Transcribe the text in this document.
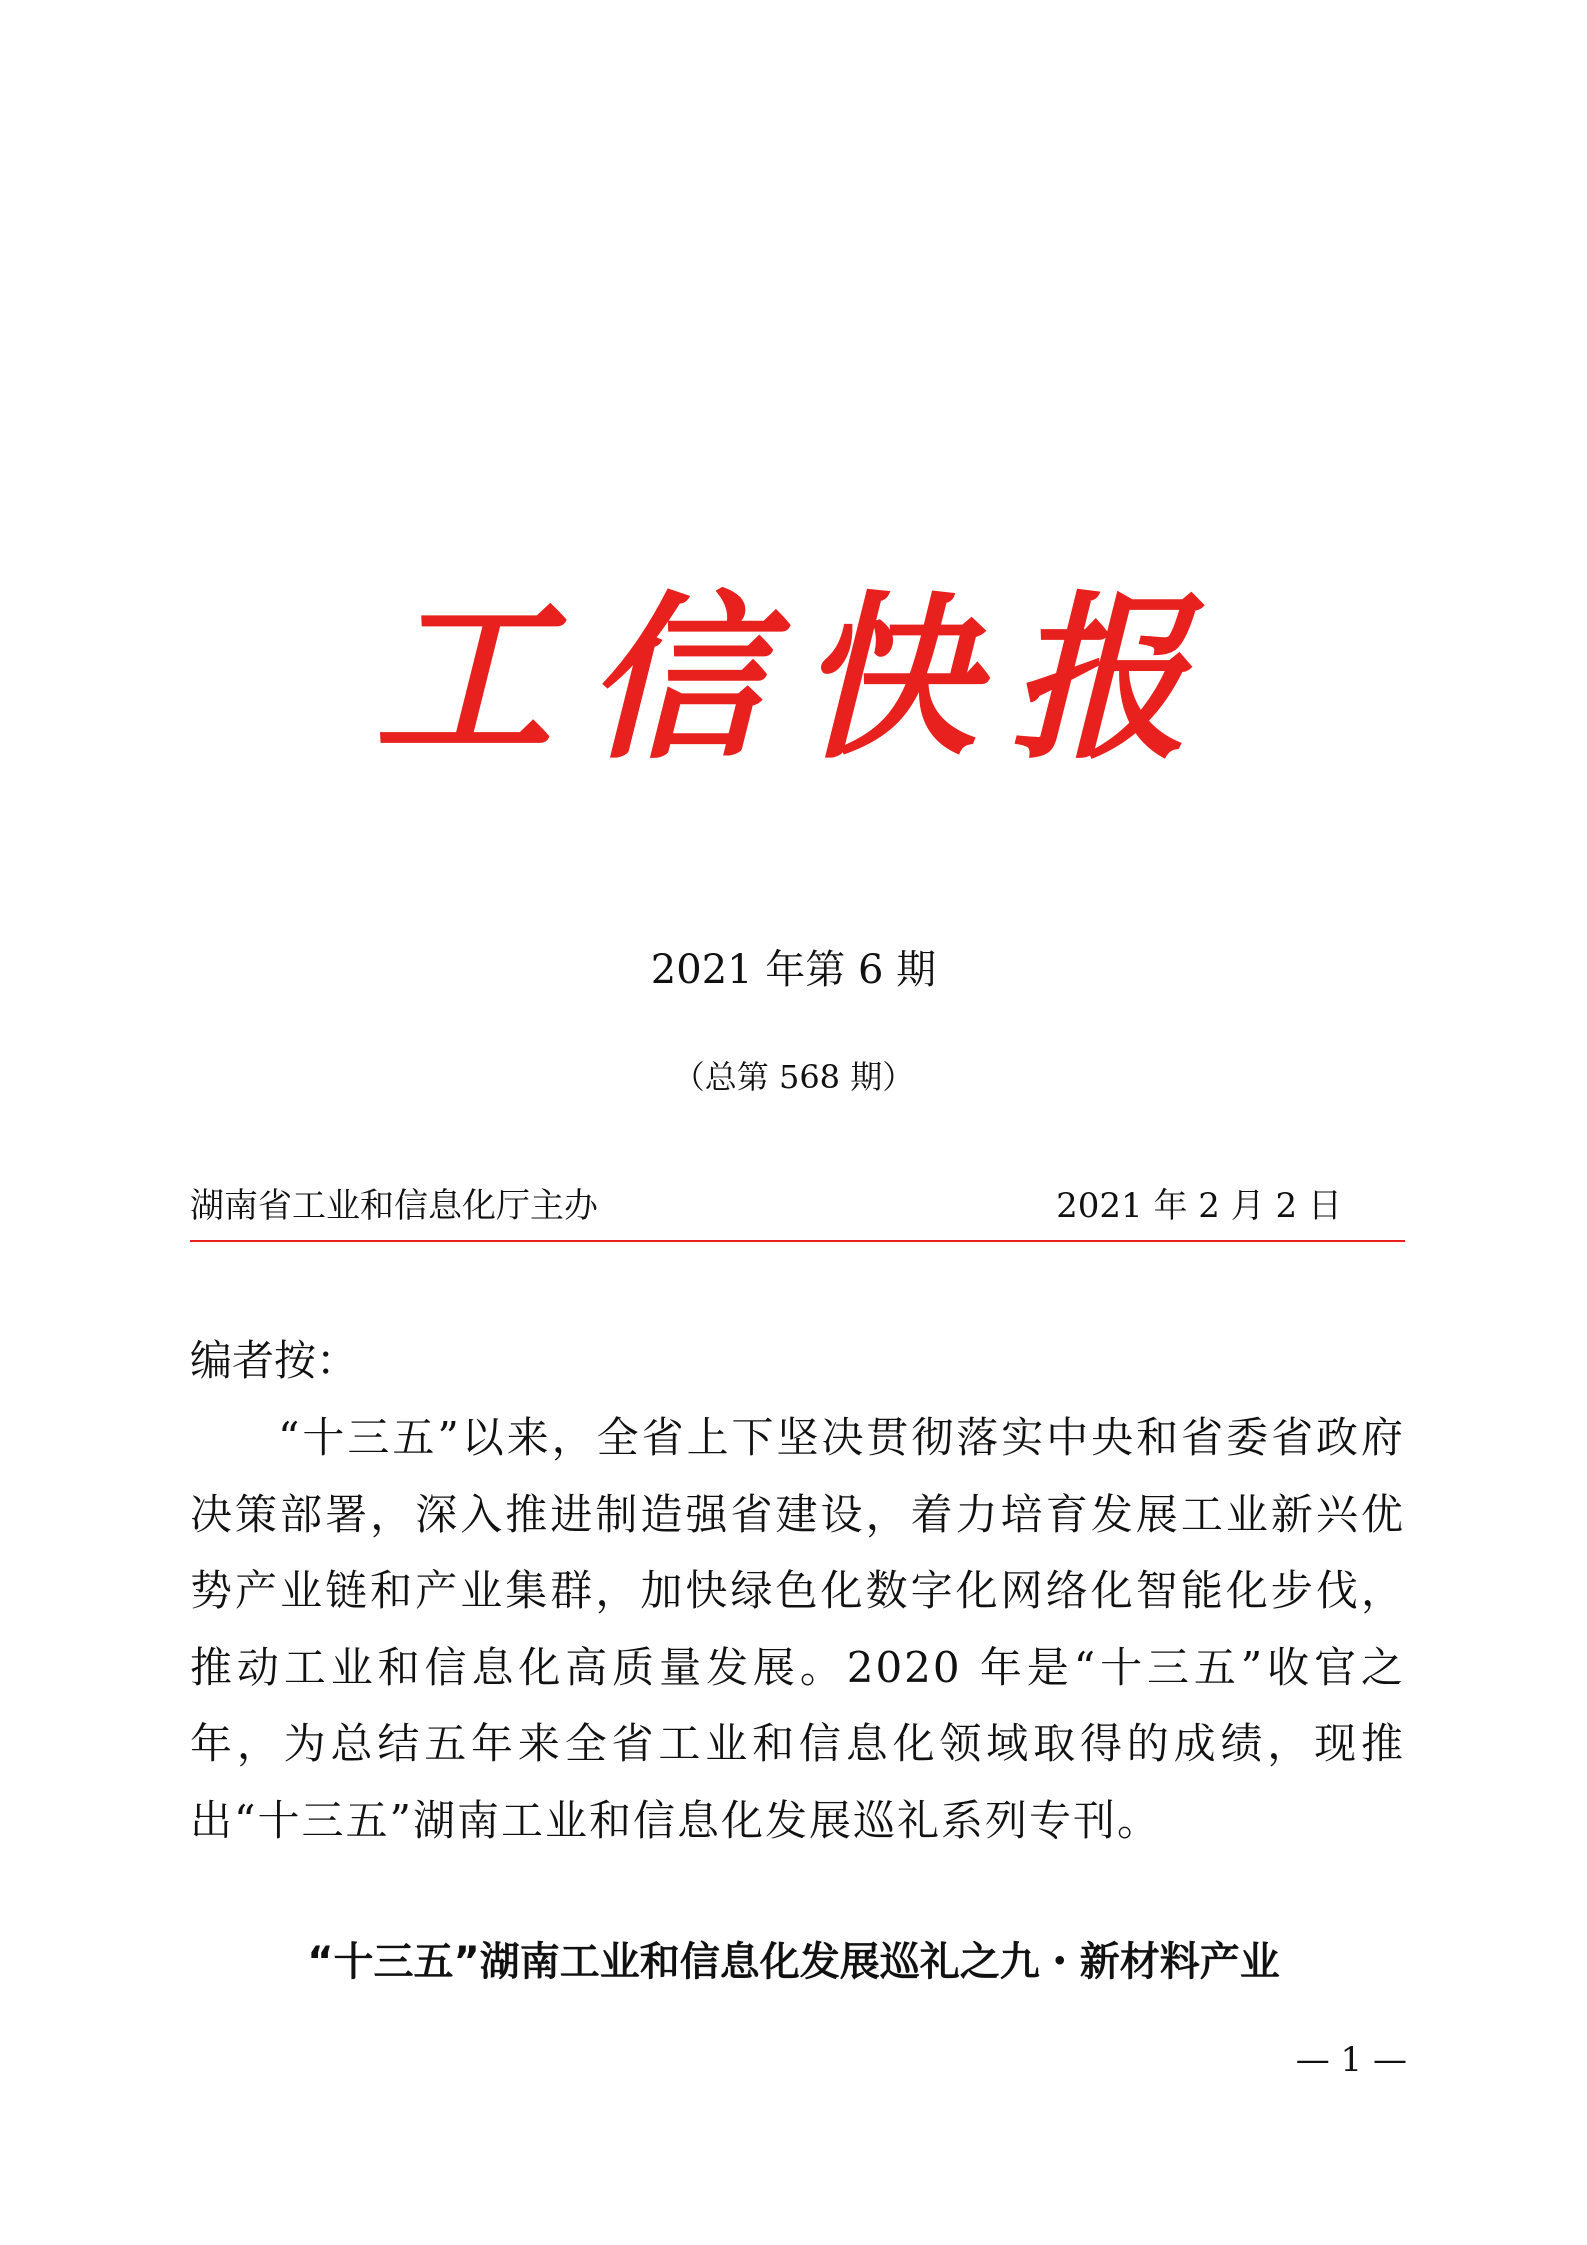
工信快报
2021 年第 6 期
（总第 568 期）
湖南省工业和信息化厅主办	2021 年 2 月 2 日
编者按：

“十三五”以来，全省上下坚决贯彻落实中央和省委省政府决策部署，深入推进制造强省建设，着力培育发展工业新兴优势产业链和产业集群，加快绿色化数字化网络化智能化步伐，推动工业和信息化高质量发展。2020 年是“十三五”收官之年，为总结五年来全省工业和信息化领域取得的成绩，现推出“十三五”湖南工业和信息化发展巡礼系列专刊。

“十三五”湖南工业和信息化发展巡礼之九・新材料产业
— 1 —
